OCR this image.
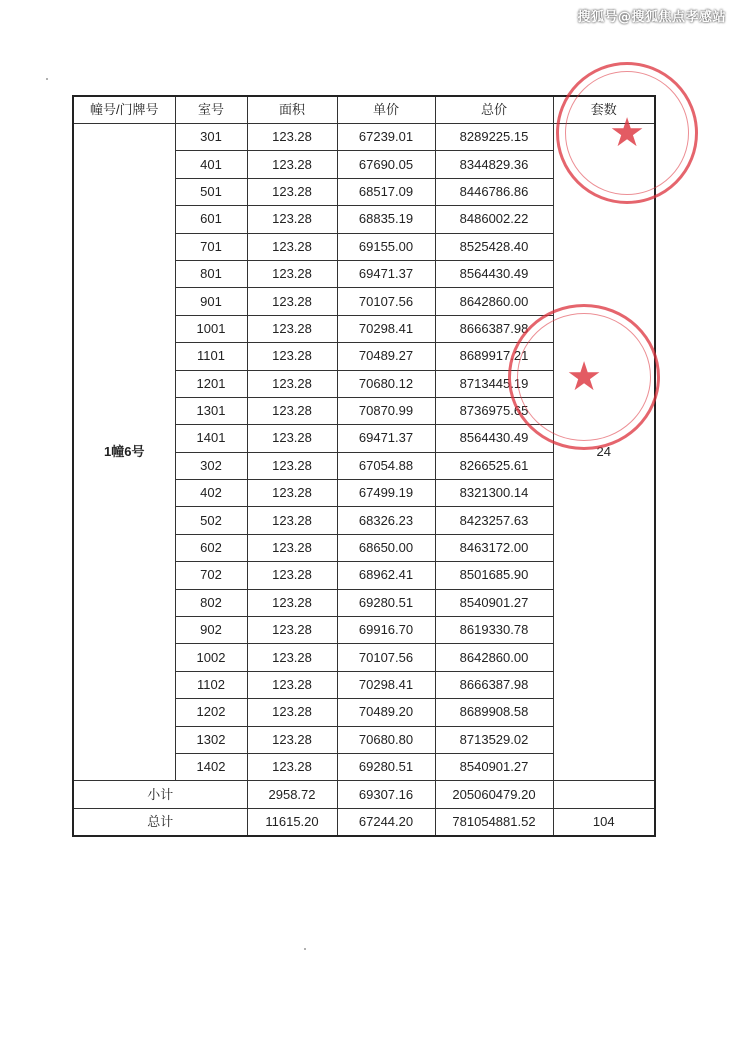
搜狐号@搜狐焦点孝感站
幢号/门牌号	室号	面积	单价	总价	套数
1幢6号	301	123.28	67239.01	8289225.15	24
	401	123.28	67690.05	8344829.36	
	501	123.28	68517.09	8446786.86	
	601	123.28	68835.19	8486002.22	
	701	123.28	69155.00	8525428.40	
	801	123.28	69471.37	8564430.49	
	901	123.28	70107.56	8642860.00	
	1001	123.28	70298.41	8666387.98	
	1101	123.28	70489.27	8689917.21	
	1201	123.28	70680.12	8713445.19	
	1301	123.28	70870.99	8736975.65	
	1401	123.28	69471.37	8564430.49	
	302	123.28	67054.88	8266525.61	
	402	123.28	67499.19	8321300.14	
	502	123.28	68326.23	8423257.63	
	602	123.28	68650.00	8463172.00	
	702	123.28	68962.41	8501685.90	
	802	123.28	69280.51	8540901.27	
	902	123.28	69916.70	8619330.78	
	1002	123.28	70107.56	8642860.00	
	1102	123.28	70298.41	8666387.98	
	1202	123.28	70489.20	8689908.58	
	1302	123.28	70680.80	8713529.02	
	1402	123.28	69280.51	8540901.27	
小计		2958.72	69307.16	205060479.20	
总计		11615.20	67244.20	781054881.52	104
★
★
